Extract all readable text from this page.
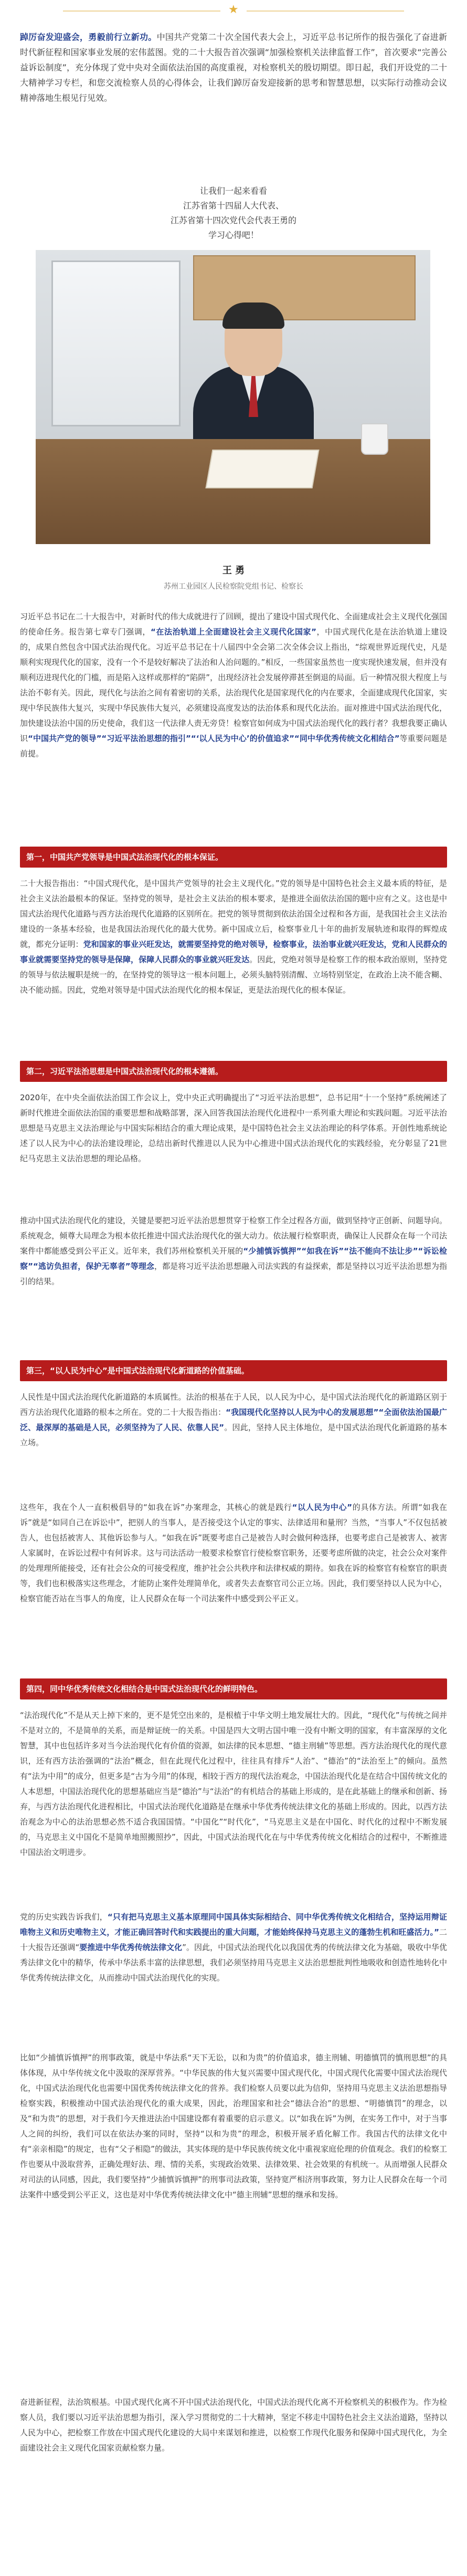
★

踔厉奋发迎盛会，勇毅前行立新功。中国共产党第二十次全国代表大会上，习近平总书记所作的报告强化了奋进新时代新征程和国家事业发展的宏伟蓝图。党的二十大报告首次强调“加强检察机关法律监督工作”，首次要求“完善公益诉讼制度”，充分体现了党中央对全面依法治国的高度重视，对检察机关的殷切期望。即日起，我们开设党的二十大精神学习专栏，和您交流检察人员的心得体会，让我们踔厉奋发迎接新的思考和智慧思想，以实际行动推动会议精神落地生根见行见效。

让我们一起来看看
江苏省第十四届人大代表、
江苏省第十四次党代会代表王勇的
学习心得吧！
王 勇
苏州工业园区人民检察院党组书记、检察长

习近平总书记在二十大报告中，对新时代的伟大成就进行了回顾，提出了建设中国式现代化、全面建成社会主义现代化强国的使命任务。报告第七章专门强调，“在法治轨道上全面建设社会主义现代化国家”，中国式现代化是在法治轨道上建设的，成果自然包含中国式法治现代化。习近平总书记在十八届四中全会第二次全体会议上指出，“综观世界近现代史，凡是顺利实现现代化的国家，没有一个不是较好解决了法治和人治问题的。”相反，一些国家虽然也一度实现快速发展，但并没有顺利迈进现代化的门槛，而是陷入这样或那样的“陷阱”，出现经济社会发展停滞甚至倒退的局面。后一种情况很大程度上与法治不彰有关。因此，现代化与法治之间有着密切的关系，法治现代化是国家现代化的内在要求，全面建成现代化国家，实现中华民族伟大复兴，实现中华民族伟大复兴，必须建设高度发达的法治体系和现代化法治。面对推进中国式法治现代化，加快建设法治中国的历史使命，我们这一代法律人责无旁贷！检察官如何成为中国式法治现代化的践行者？我想我要正确认识“中国共产党的领导”“习近平法治思想的指引”“‘以人民为中心’的价值追求”“同中华优秀传统文化相结合”等重要问题是前提。

第一，中国共产党领导是中国式法治现代化的根本保证。

二十大报告指出：“中国式现代化，是中国共产党领导的社会主义现代化。”党的领导是中国特色社会主义最本质的特征，是社会主义法治最根本的保证。坚持党的领导，是社会主义法治的根本要求，是推进全面依法治国的题中应有之义。这也是中国式法治现代化道路与西方法治现代化道路的区别所在。把党的领导贯彻到依法治国全过程和各方面，是我国社会主义法治建设的一条基本经验，也是我国法治现代化的最大优势。新中国成立后，检察事业几十年的曲折发展轨迹和取得的辉煌成就，都充分证明：党和国家的事业兴旺发达，就需要坚持党的绝对领导，检察事业，法治事业就兴旺发达，党和人民群众的事业就需要坚持党的领导是保障，保障人民群众的事业就兴旺发达。因此，党绝对领导是检察工作的根本政治原则，坚持党的领导与依法履职是统一的，在坚持党的领导这一根本问题上，必须头脑特别清醒、立场特别坚定，在政治上决不能含糊、决不能动摇。因此，党绝对领导是中国式法治现代化的根本保证，更是法治现代化的根本保证。

第二，习近平法治思想是中国式法治现代化的根本遵循。

2020年，在中央全面依法治国工作会议上，党中央正式明确提出了“习近平法治思想”，总书记用“十一个坚持”系统阐述了新时代推进全面依法治国的重要思想和战略部署，深入回答我国法治现代化进程中一系列重大理论和实践问题。习近平法治思想是马克思主义法治理论与中国实际相结合的重大理论成果，是中国特色社会主义法治理论的科学体系。开创性地系统论述了以人民为中心的法治建设理论，总结出新时代推进以人民为中心推进中国式法治现代化的实践经验，充分彰显了21世纪马克思主义法治思想的理论品格。

推动中国式法治现代化的建设，关键是要把习近平法治思想贯穿于检察工作全过程各方面，做到坚持守正创新、问题导向。系统观念，倾尊大局理念为根本依托推进中国式法治现代化的强大动力。依法履行检察职责，确保让人民群众在每一个司法案件中都能感受到公平正义。近年来，我们苏州检察机关开展的“少捕慎诉慎押”“如我在诉”“法不能向不法让步”“诉讼检察”“逃访负担者，保护无辜者”等理念，都是将习近平法治思想融入司法实践的有益探索，都是坚持以习近平法治思想为指引的结果。

第三，“以人民为中心”是中国式法治现代化新道路的价值基础。

人民性是中国式法治现代化新道路的本质属性。法治的根基在于人民，以人民为中心，是中国式法治现代化的新道路区别于西方法治现代化道路的根本之所在。党的二十大报告指出：“我国现代化坚持以人民为中心的发展思想”“全面依法治国最广泛、最深厚的基础是人民，必须坚持为了人民、依靠人民”。因此，坚持人民主体地位，是中国式法治现代化新道路的基本立场。

这些年，我在个人一直积极倡导的“如我在诉”办案理念，其核心的就是践行“以人民为中心”的具体方法。所谓“如我在诉”就是“如同自己在诉讼中”，把别人的当事人，是否接受这个认定的事实、法律适用和量刑？当然，“当事人”不仅包括被告人，也包括被害人、其他诉讼参与人。“如我在诉”既要考虑自己是被告人时会做何种选择，也要考虑自己是被害人、被害人家属时，在诉讼过程中有何诉求。这与司法活动一般要求检察官行使检察官职务，还要考虑所做的决定，社会公众对案件的处理理所能接受，还有社会公众的可接受程度，维护社会公共秩序和法律权威的期待。如我在诉的检察官有检察官的职责等，我们也积极落实这些理念，才能防止案件处理简单化，或者失去查察官司公正立场。因此，我们要坚持以人民为中心，检察官能否站在当事人的角度，让人民群众在每一个司法案件中感受到公平正义。

第四，同中华优秀传统文化相结合是中国式法治现代化的鲜明特色。

“法治现代化”不是从天上掉下来的，更不是凭空出来的，是根植于中华文明土地发展壮大的。因此，“现代化”与传统之间并不是对立的，不是简单的关系，而是辩证统一的关系。中国是四大文明古国中唯一没有中断文明的国家，有丰富深厚的文化智慧，其中也包括许多对当今法治现代化有价值的资源，如法律的民本思想、“德主刑辅”等思想。西方法治现代化的现代意识，还有西方法治强调的“法治”概念，但在此现代化过程中，往往具有排斥“人治”、“德治”的“法治至上”的倾向。虽然有“法为中用”的成分，但更多是“古为今用”的体现，相较于西方的现代法治观念，中国法治现代化是在结合中国传统文化的人本思想，中国法治现代化的思想基础应当是“德治”与“法治”的有机结合的基础上形成的，是在此基础上的继承和创新、扬弃，与西方法治现代化进程相比，中国式法治现代化道路是在继承中华优秀传统法律文化的基础上形成的。因此，以西方法治观念为中心的法治思想必然不适合我国国情。“中国化”“时代化”，“马克思主义是在中国化、时代化的过程中不断发展的，马克思主义中国化不是简单地照搬照抄”，因此，中国式法治现代化在与中华优秀传统文化相结合的过程中，不断推进中国法治文明进步。

党的历史实践告诉我们，“只有把马克思主义基本原理同中国具体实际相结合、同中华优秀传统文化相结合，坚持运用辩证唯物主义和历史唯物主义，才能正确回答时代和实践提出的重大问题，才能始终保持马克思主义的蓬勃生机和旺盛活力。”二十大报告还强调“要推进中华优秀传统法律文化”。因此，中国式法治现代化以我国优秀的传统法律文化为基础，吸收中华优秀法律文化中的精华，传承中华法系丰富的法律思想，我们必须坚持用马克思主义法治思想批判性地吸收和创造性地转化中华优秀传统法律文化，从而推动中国式法治现代化的实现。

比如“少捕慎诉慎押”的刑事政策，就是中华法系“天下无讼，以和为贵”的价值追求，德主刑辅、明德慎罚的慎刑思想”的具体体现，从中华传统文化中汲取的深厚营养。“中华民族的伟大复兴需要中国式现代化，中国式现代化需要中国式法治现代化，中国式法治现代化也需要中国优秀传统法律文化的营养。我们检察人员要以此为信仰，坚持用马克思主义法治思想指导检察实践，积极推动中国式法治现代化的重大成果，因此，治理国家和社会“德法合治”的思想、“明德慎罚”的理念，以及“和为贵”的思想，对于我们今天推进法治中国建设都有着重要的启示意义。以“如我在诉”为例，在实务工作中，对于当事人之间的纠纷，我们可以在依法办案的同时，坚持“以和为贵”的理念，积极开展矛盾化解工作。我国古代的法律文化中有“亲亲相隐”的规定，也有“父子相隐”的做法，其实体现的是中华民族传统文化中重视家庭伦理的价值观念。我们的检察工作也要从中汲取营养，正确处理好法、理、情的关系，实现政治效果、法律效果、社会效果的有机统一。从而增强人民群众对司法的认同感，因此，我们要坚持“少捕慎诉慎押”的刑事司法政策，坚持宽严相济刑事政策，努力让人民群众在每一个司法案件中感受到公平正义，这也是对中华优秀传统法律文化中“德主刑辅”思想的继承和发扬。

奋进新征程，法治筑根基。中国式现代化离不开中国式法治现代化，中国式法治现代化离不开检察机关的积极作为。作为检察人员，我们要以习近平法治思想为指引，深入学习贯彻党的二十大精神，坚定不移走中国特色社会主义法治道路，坚持以人民为中心，把检察工作放在中国式现代化建设的大局中来谋划和推进，以检察工作现代化服务和保障中国式现代化，为全面建设社会主义现代化国家贡献检察力量。
